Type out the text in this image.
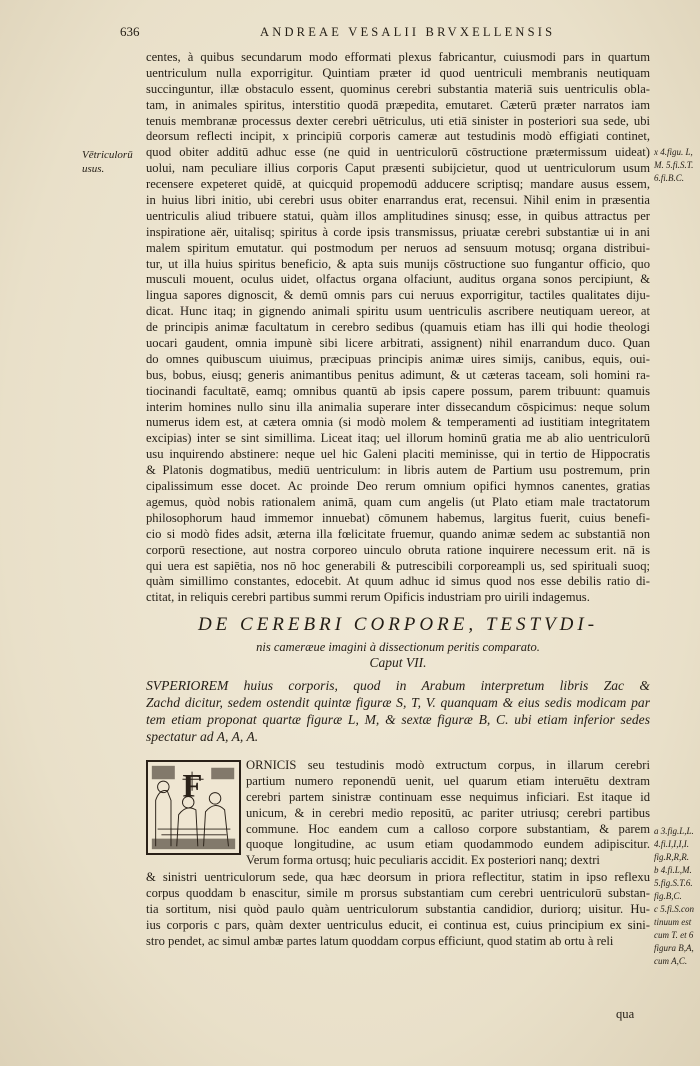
636	ANDREAE VESALII BRVXELLENSIS
centes, à quibus secundarum modo efformati plexus fabricantur, cuiusmodi pars in quartum
uentriculum nulla exporrigitur. Quintiam præter id quod uentriculi membranis neutiquam
succinguntur, illæ obstaculo essent, quominus cerebri substantia materiā suis uentriculis obla-
tam, in animales spiritus, interstitio quodā præpedita, emutaret. Cæterū præter narratos iam
tenuis membranæ processus dexter cerebri uētriculus, uti etiā sinister in posteriori sua sede, ubi
deorsum reflecti incipit, x principiū corporis cameræ aut testudinis modò effigiati continet,
quod obiter additū adhuc esse (ne quid in uentriculorū cōstructione prætermissum uideat)
uolui, nam peculiare illius corporis Caput præsenti subijcietur, quod ut uentriculorum usum
recensere expeteret quidē, at quicquid propemodū adducere scriptisq; mandare ausus essem,
in huius libri initio, ubi cerebri usus obiter enarrandus erat, recensui. Nihil enim in præsentia
uentriculis aliud tribuere statui, quàm illos amplitudines sinusq; esse, in quibus attractus per
inspiratione aër, uitalisq; spiritus à corde ipsis transmissus, priuatæ cerebri substantiæ ui in ani
malem spiritum emutatur. qui postmodum per neruos ad sensuum motusq; organa distribui-
tur, ut illa huius spiritus beneficio, & apta suis munijs cōstructione suo fungantur officio, quo
musculi mouent, oculus uidet, olfactus organa olfaciunt, auditus organa sonos percipiunt, &
lingua sapores dignoscit, & demū omnis pars cui neruus exporrigitur, tactiles qualitates diju-
dicat. Hunc itaq; in gignendo animali spiritu usum uentriculis ascribere neutiquam uereor, at
de principis animæ facultatum in cerebro sedibus (quamuis etiam has illi qui hodie theologi
uocari gaudent, omnia impunè sibi licere arbitrati, assignent) nihil enarrandum duco. Quan
do omnes quibuscum uiuimus, præcipuas principis animæ uires simijs, canibus, equis, oui-
bus, bobus, eiusq; generis animantibus penitus adimunt, & ut cæteras taceam, soli homini ra-
tiocinandi facultatē, eamq; omnibus quantū ab ipsis capere possum, parem tribuunt: quamuis
interim homines nullo sinu illa animalia superare inter dissecandum cōspicimus: neque solum
numerus idem est, at cætera omnia (si modò molem & temperamenti ad iustitiam integritatem
excipias) inter se sint simillima. Liceat itaq; uel illorum hominū gratia me ab alio uentriculorū
usu inquirendo abstinere: neque uel hic Galeni placiti meminisse, qui in tertio de Hippocratis
& Platonis dogmatibus, mediū uentriculum: in libris autem de Partium usu postremum, prin
cipalissimum esse docet. Ac proinde Deo rerum omnium opifici hymnos canentes, gratias
agemus, quòd nobis rationalem animā, quam cum angelis (ut Plato etiam male tractatorum
philosophorum haud immemor innuebat) cōmunem habemus, largitus fuerit, cuius benefi-
cio si modò fides adsit, æterna illa fœlicitate fruemur, quando animæ sedem ac substantiā non
corporū resectione, aut nostra corporeo uinculo obruta ratione inquirere necessum erit. nā is
qui uera est sapiētia, nos nō hoc generabili & putrescibili corporeampli us, sed spirituali suoq;
quàm simillimo constantes, edocebit. At quum adhuc id simus quod nos esse debilis ratio di-
ctitat, in reliquis cerebri partibus summi rerum Opificis industriam pro uirili indagemus.
Vētriculorū
usus.
x 4.figu. L,
M. 5.fi.S.T.
6.fi.B.C.
DE CEREBRI CORPORE, TESTVDI-
nis cameræue imagini à dissectionum peritis comparato.
Caput VII.
SVPERIOREM huius corporis, quod in Arabum interpretum libris Zac &
Zachd dicitur, sedem ostendit quintæ figuræ S, T, V. quanquam & eius sedis modicam par
tem etiam proponat quartæ figuræ L, M, & sextæ figuræ B, C. ubi etiam inferior sedes
spectatur ad A, A, A.
F
ORNICIS seu testudinis modò extructum corpus, in illarum cerebri
partium numero reponendū uenit, uel quarum etiam interuētu dextram
cerebri partem sinistræ continuam esse nequimus inficiari. Est itaque id
unicum, & in cerebri medio repositū, ac pariter utriusq; cerebri partibus
commune. Hoc eandem cum a calloso corpore substantiam, & parem
quoque longitudine, ac usum etiam quodammodo eundem adipiscitur.
Verum forma ortusq; huic peculiaris accidit. Ex posteriori nanq; dextri
& sinistri uentriculorum sede, qua hæc deorsum in priora reflectitur, statim in ipso reflexu
corpus quoddam b enascitur, simile m prorsus substantiam cum cerebri uentriculorū substan-
tia sortitum, nisi quòd paulo quàm uentriculorum substantia candidior, duriorq; uisitur. Hu-
ius corporis c pars, quàm dexter uentriculus educit, ei continua est, cuius principium ex sini-
stro pendet, ac simul ambæ partes latum quoddam corpus efficiunt, quod statim ab ortu à reli
a 3.fig.L,L.
4.fi.I,I,I,I.
fig.R,R,R.
b 4.fi.L,M.
5.fig.S.T.6.
fig.B,C.
c 5.fi.S.con
tinuum est
cum T. et 6
figura B,A,
cum A,C.
qua
